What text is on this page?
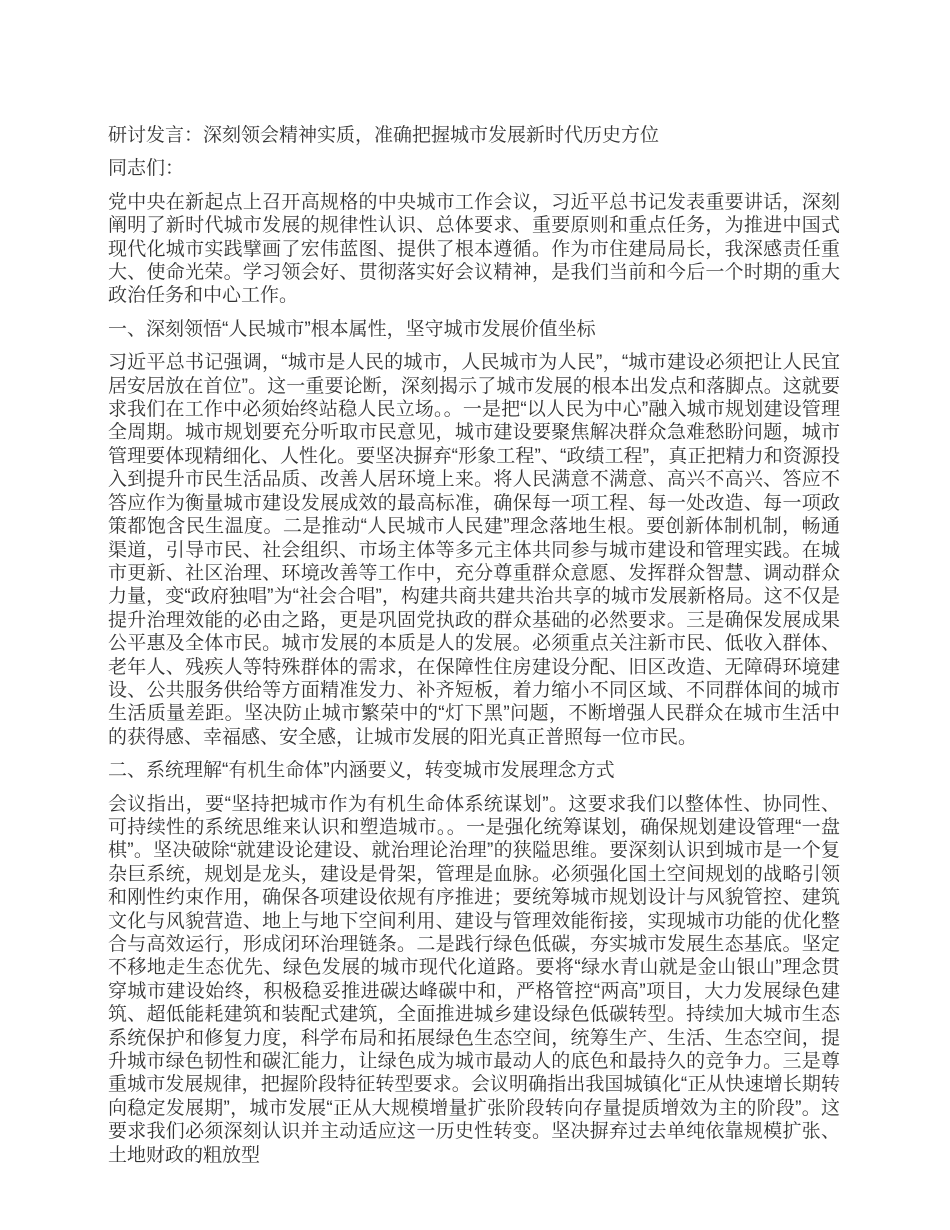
研讨发言：深刻领会精神实质，准确把握城市发展新时代历史方位

同志们：

党中央在新起点上召开高规格的中央城市工作会议，习近平总书记发表重要讲话，深刻阐明了新时代城市发展的规律性认识、总体要求、重要原则和重点任务，为推进中国式现代化城市实践擘画了宏伟蓝图、提供了根本遵循。作为市住建局局长，我深感责任重大、使命光荣。学习领会好、贯彻落实好会议精神，是我们当前和今后一个时期的重大政治任务和中心工作。

一、深刻领悟“人民城市”根本属性，坚守城市发展价值坐标

习近平总书记强调，“城市是人民的城市，人民城市为人民”，“城市建设必须把让人民宜居安居放在首位”。这一重要论断，深刻揭示了城市发展的根本出发点和落脚点。这就要求我们在工作中必须始终站稳人民立场。。一是把“以人民为中心”融入城市规划建设管理全周期。城市规划要充分听取市民意见，城市建设要聚焦解决群众急难愁盼问题，城市管理要体现精细化、人性化。要坚决摒弃“形象工程”、“政绩工程”，真正把精力和资源投入到提升市民生活品质、改善人居环境上来。将人民满意不满意、高兴不高兴、答应不答应作为衡量城市建设发展成效的最高标准，确保每一项工程、每一处改造、每一项政策都饱含民生温度。二是推动“人民城市人民建”理念落地生根。要创新体制机制，畅通渠道，引导市民、社会组织、市场主体等多元主体共同参与城市建设和管理实践。在城市更新、社区治理、环境改善等工作中，充分尊重群众意愿、发挥群众智慧、调动群众力量，变“政府独唱”为“社会合唱”，构建共商共建共治共享的城市发展新格局。这不仅是提升治理效能的必由之路，更是巩固党执政的群众基础的必然要求。三是确保发展成果公平惠及全体市民。城市发展的本质是人的发展。必须重点关注新市民、低收入群体、老年人、残疾人等特殊群体的需求，在保障性住房建设分配、旧区改造、无障碍环境建设、公共服务供给等方面精准发力、补齐短板，着力缩小不同区域、不同群体间的城市生活质量差距。坚决防止城市繁荣中的“灯下黑”问题，不断增强人民群众在城市生活中的获得感、幸福感、安全感，让城市发展的阳光真正普照每一位市民。

二、系统理解“有机生命体”内涵要义，转变城市发展理念方式

会议指出，要“坚持把城市作为有机生命体系统谋划”。这要求我们以整体性、协同性、可持续性的系统思维来认识和塑造城市。。一是强化统筹谋划，确保规划建设管理“一盘棋”。坚决破除“就建设论建设、就治理论治理”的狭隘思维。要深刻认识到城市是一个复杂巨系统，规划是龙头，建设是骨架，管理是血脉。必须强化国土空间规划的战略引领和刚性约束作用，确保各项建设依规有序推进；要统筹城市规划设计与风貌管控、建筑文化与风貌营造、地上与地下空间利用、建设与管理效能衔接，实现城市功能的优化整合与高效运行，形成闭环治理链条。二是践行绿色低碳，夯实城市发展生态基底。坚定不移地走生态优先、绿色发展的城市现代化道路。要将“绿水青山就是金山银山”理念贯穿城市建设始终，积极稳妥推进碳达峰碳中和，严格管控“两高”项目，大力发展绿色建筑、超低能耗建筑和装配式建筑，全面推进城乡建设绿色低碳转型。持续加大城市生态系统保护和修复力度，科学布局和拓展绿色生态空间，统筹生产、生活、生态空间，提升城市绿色韧性和碳汇能力，让绿色成为城市最动人的底色和最持久的竞争力。三是尊重城市发展规律，把握阶段特征转型要求。会议明确指出我国城镇化“正从快速增长期转向稳定发展期”，城市发展“正从大规模增量扩张阶段转向存量提质增效为主的阶段”。这要求我们必须深刻认识并主动适应这一历史性转变。坚决摒弃过去单纯依靠规模扩张、土地财政的粗放型
